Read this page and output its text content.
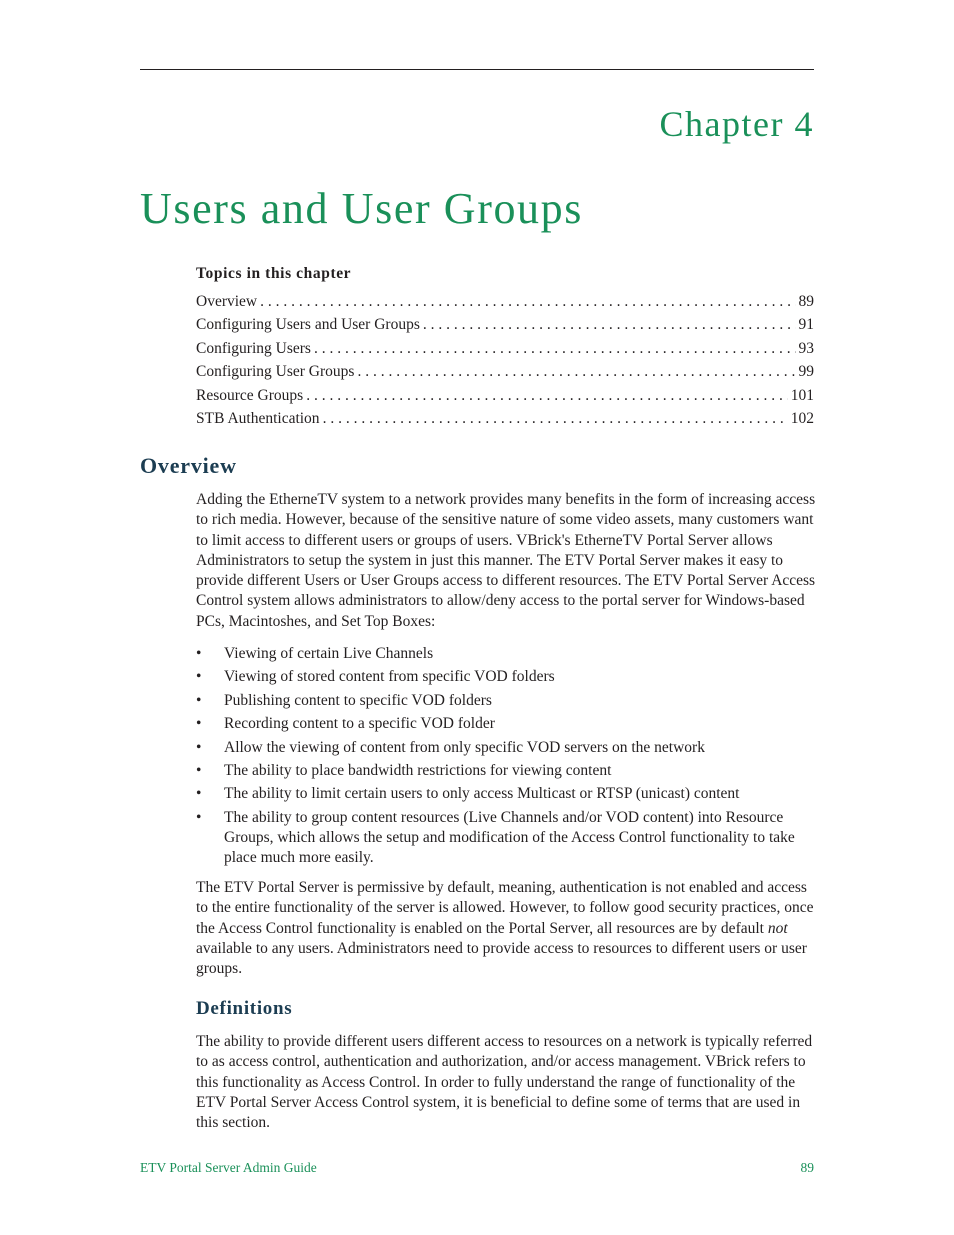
Chapter 4
Users and User Groups
Topics in this chapter
Overview . . .	89
Configuring Users and User Groups . . .	91
Configuring Users . . .	93
Configuring User Groups . . .	99
Resource Groups . . .	101
STB Authentication . . .	102
Overview

Adding the EtherneTV system to a network provides many benefits in the form of increasing access to rich media. However, because of the sensitive nature of some video assets, many customers want to limit access to different users or groups of users. VBrick's EtherneTV Portal Server allows Administrators to setup the system in just this manner. The ETV Portal Server makes it easy to provide different Users or User Groups access to different resources. The ETV Portal Server Access Control system allows administrators to allow/deny access to the portal server for Windows-based PCs, Macintoshes, and Set Top Boxes:

• Viewing of certain Live Channels
• Viewing of stored content from specific VOD folders
• Publishing content to specific VOD folders
• Recording content to a specific VOD folder
• Allow the viewing of content from only specific VOD servers on the network
• The ability to place bandwidth restrictions for viewing content
• The ability to limit certain users to only access Multicast or RTSP (unicast) content
• The ability to group content resources (Live Channels and/or VOD content) into Resource Groups, which allows the setup and modification of the Access Control functionality to take place much more easily.

The ETV Portal Server is permissive by default, meaning, authentication is not enabled and access to the entire functionality of the server is allowed. However, to follow good security practices, once the Access Control functionality is enabled on the Portal Server, all resources are by default not available to any users. Administrators need to provide access to resources to different users or user groups.

Definitions

The ability to provide different users different access to resources on a network is typically referred to as access control, authentication and authorization, and/or access management. VBrick refers to this functionality as Access Control. In order to fully understand the range of functionality of the ETV Portal Server Access Control system, it is beneficial to define some of terms that are used in this section.

ETV Portal Server Admin Guide	89
